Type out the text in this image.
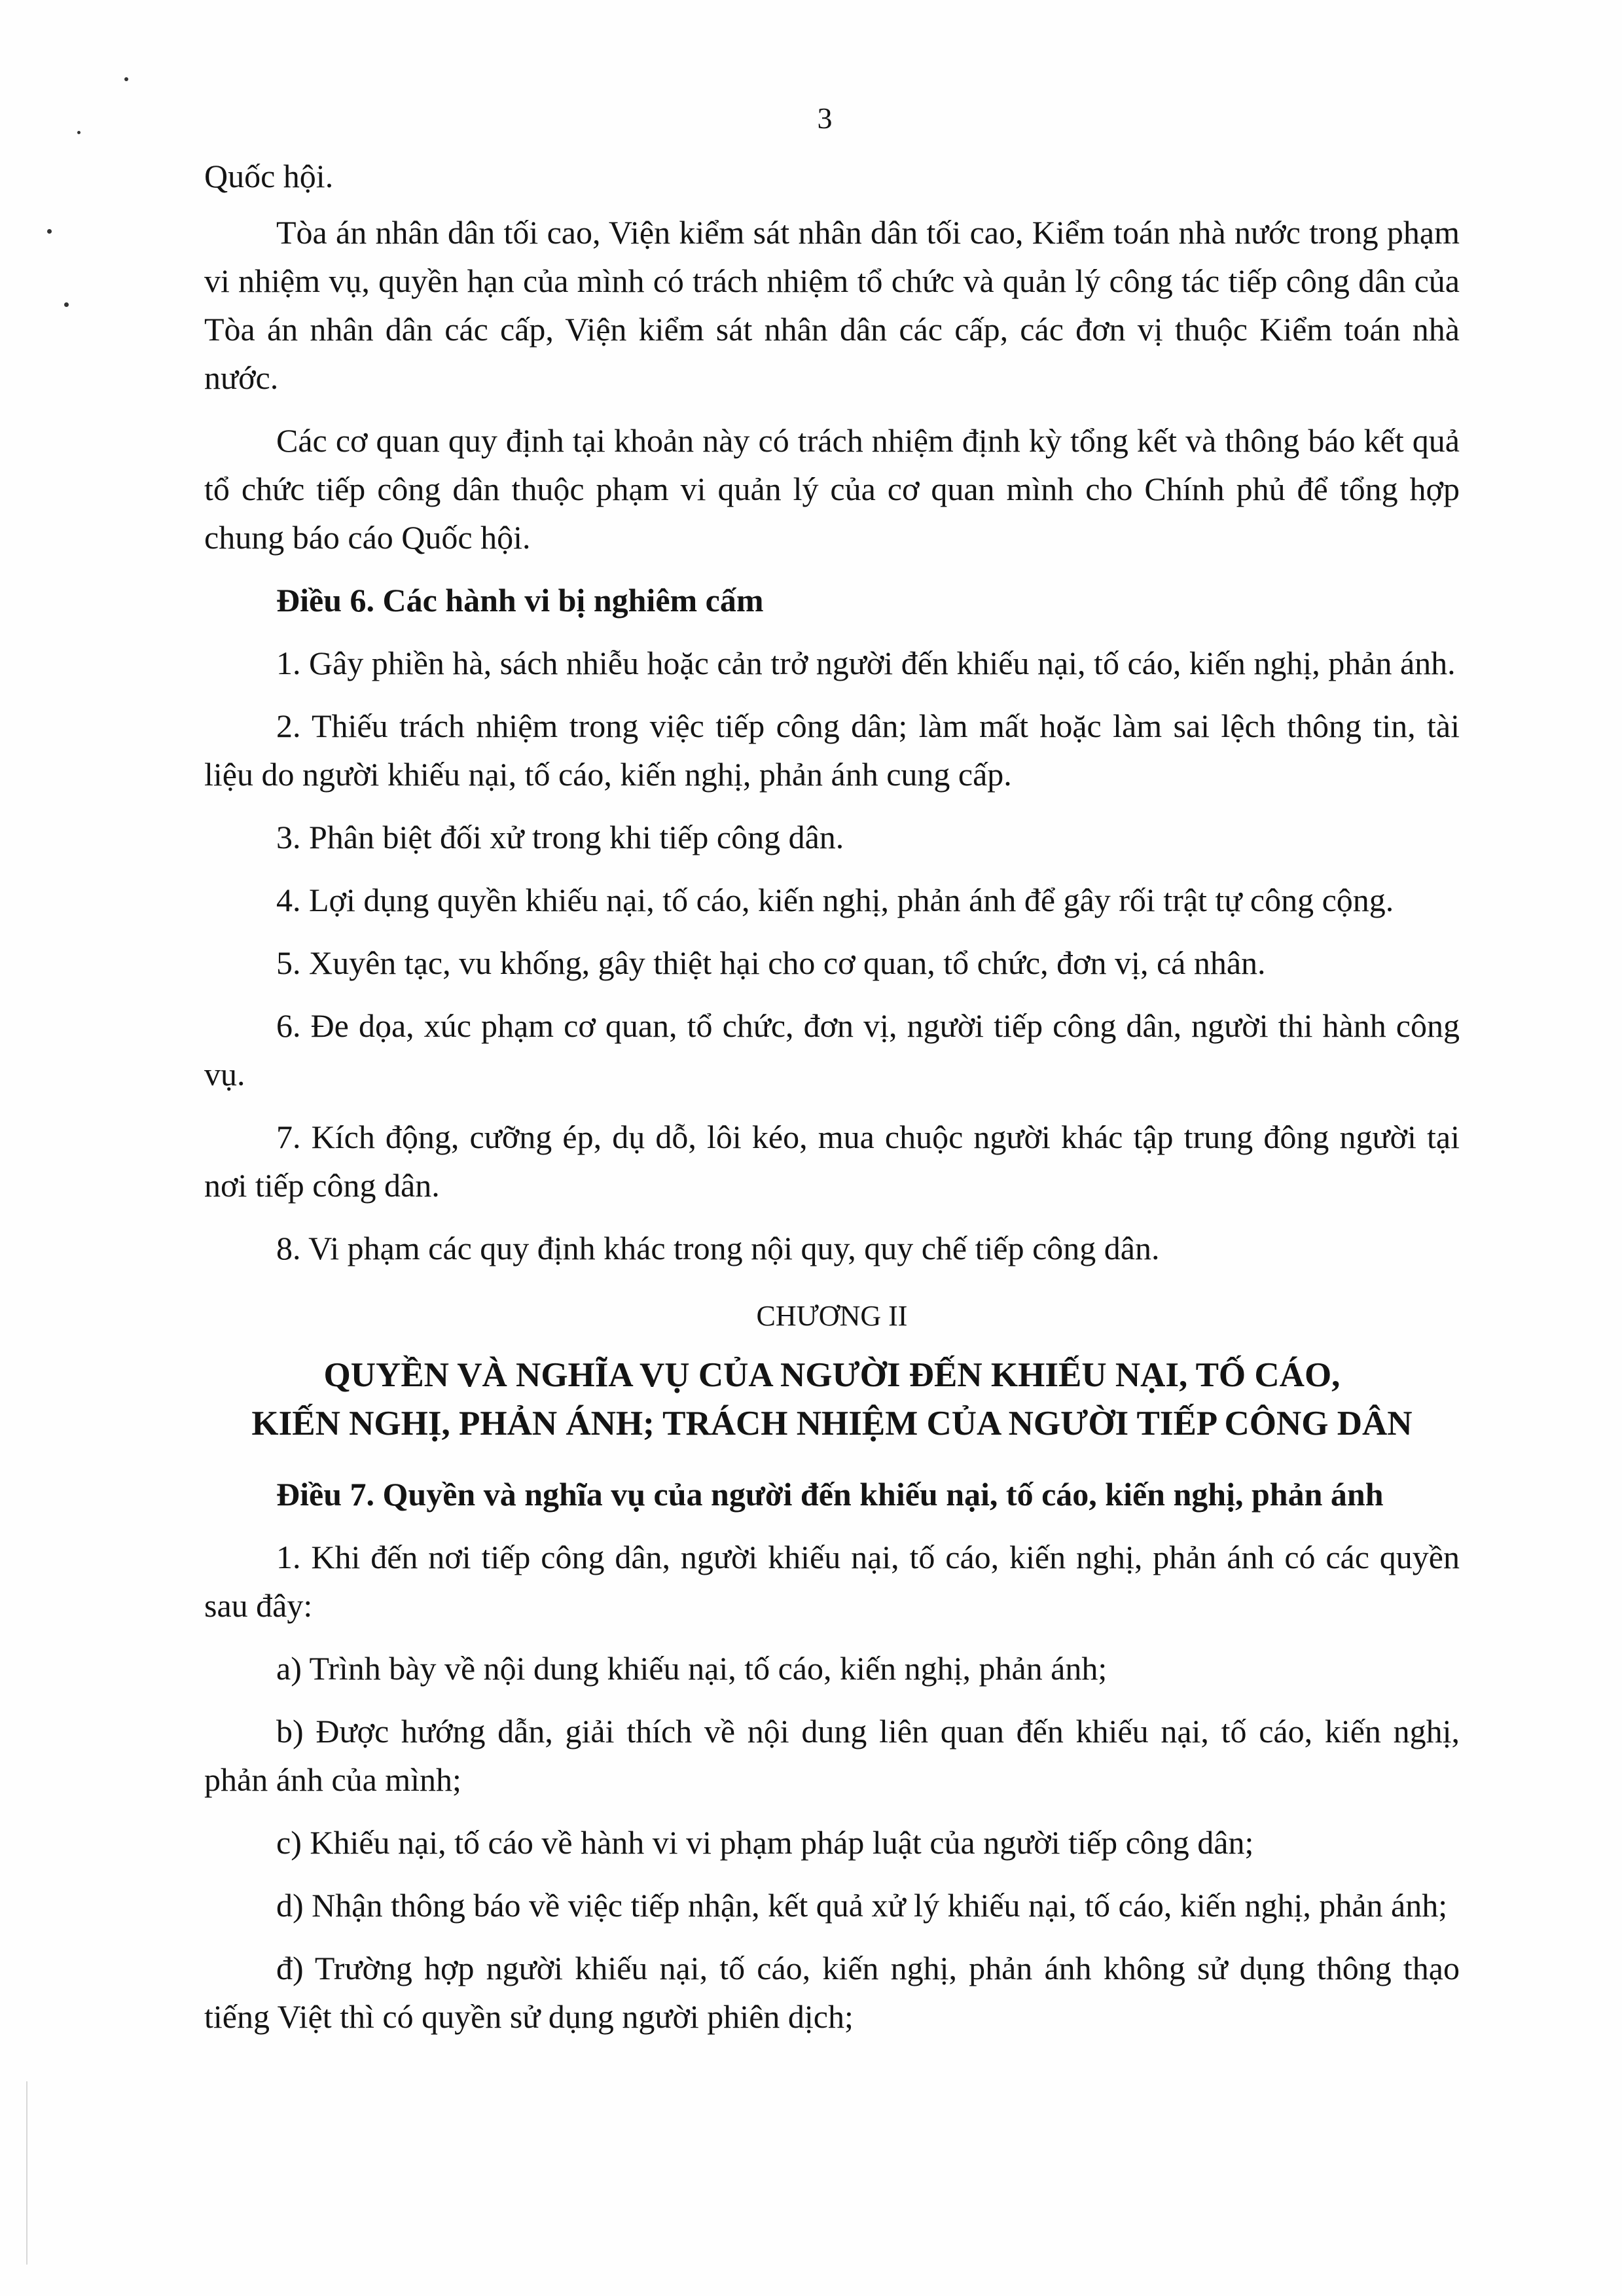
3

Quốc hội.

Tòa án nhân dân tối cao, Viện kiểm sát nhân dân tối cao, Kiểm toán nhà nước trong phạm vi nhiệm vụ, quyền hạn của mình có trách nhiệm tổ chức và quản lý công tác tiếp công dân của Tòa án nhân dân các cấp, Viện kiểm sát nhân dân các cấp, các đơn vị thuộc Kiểm toán nhà nước.

Các cơ quan quy định tại khoản này có trách nhiệm định kỳ tổng kết và thông báo kết quả tổ chức tiếp công dân thuộc phạm vi quản lý của cơ quan mình cho Chính phủ để tổng hợp chung báo cáo Quốc hội.

Điều 6. Các hành vi bị nghiêm cấm

1. Gây phiền hà, sách nhiễu hoặc cản trở người đến khiếu nại, tố cáo, kiến nghị, phản ánh.

2. Thiếu trách nhiệm trong việc tiếp công dân; làm mất hoặc làm sai lệch thông tin, tài liệu do người khiếu nại, tố cáo, kiến nghị, phản ánh cung cấp.

3. Phân biệt đối xử trong khi tiếp công dân.

4. Lợi dụng quyền khiếu nại, tố cáo, kiến nghị, phản ánh để gây rối trật tự công cộng.

5. Xuyên tạc, vu khống, gây thiệt hại cho cơ quan, tổ chức, đơn vị, cá nhân.

6. Đe dọa, xúc phạm cơ quan, tổ chức, đơn vị, người tiếp công dân, người thi hành công vụ.

7. Kích động, cưỡng ép, dụ dỗ, lôi kéo, mua chuộc người khác tập trung đông người tại nơi tiếp công dân.

8. Vi phạm các quy định khác trong nội quy, quy chế tiếp công dân.

CHƯƠNG II

QUYỀN VÀ NGHĨA VỤ CỦA NGƯỜI ĐẾN KHIẾU NẠI, TỐ CÁO,

KIẾN NGHỊ, PHẢN ÁNH; TRÁCH NHIỆM CỦA NGƯỜI TIẾP CÔNG DÂN

Điều 7. Quyền và nghĩa vụ của người đến khiếu nại, tố cáo, kiến nghị, phản ánh

1. Khi đến nơi tiếp công dân, người khiếu nại, tố cáo, kiến nghị, phản ánh có các quyền sau đây:

a) Trình bày về nội dung khiếu nại, tố cáo, kiến nghị, phản ánh;

b) Được hướng dẫn, giải thích về nội dung liên quan đến khiếu nại, tố cáo, kiến nghị, phản ánh của mình;

c) Khiếu nại, tố cáo về hành vi vi phạm pháp luật của người tiếp công dân;

d) Nhận thông báo về việc tiếp nhận, kết quả xử lý khiếu nại, tố cáo, kiến nghị, phản ánh;

đ) Trường hợp người khiếu nại, tố cáo, kiến nghị, phản ánh không sử dụng thông thạo tiếng Việt thì có quyền sử dụng người phiên dịch;
